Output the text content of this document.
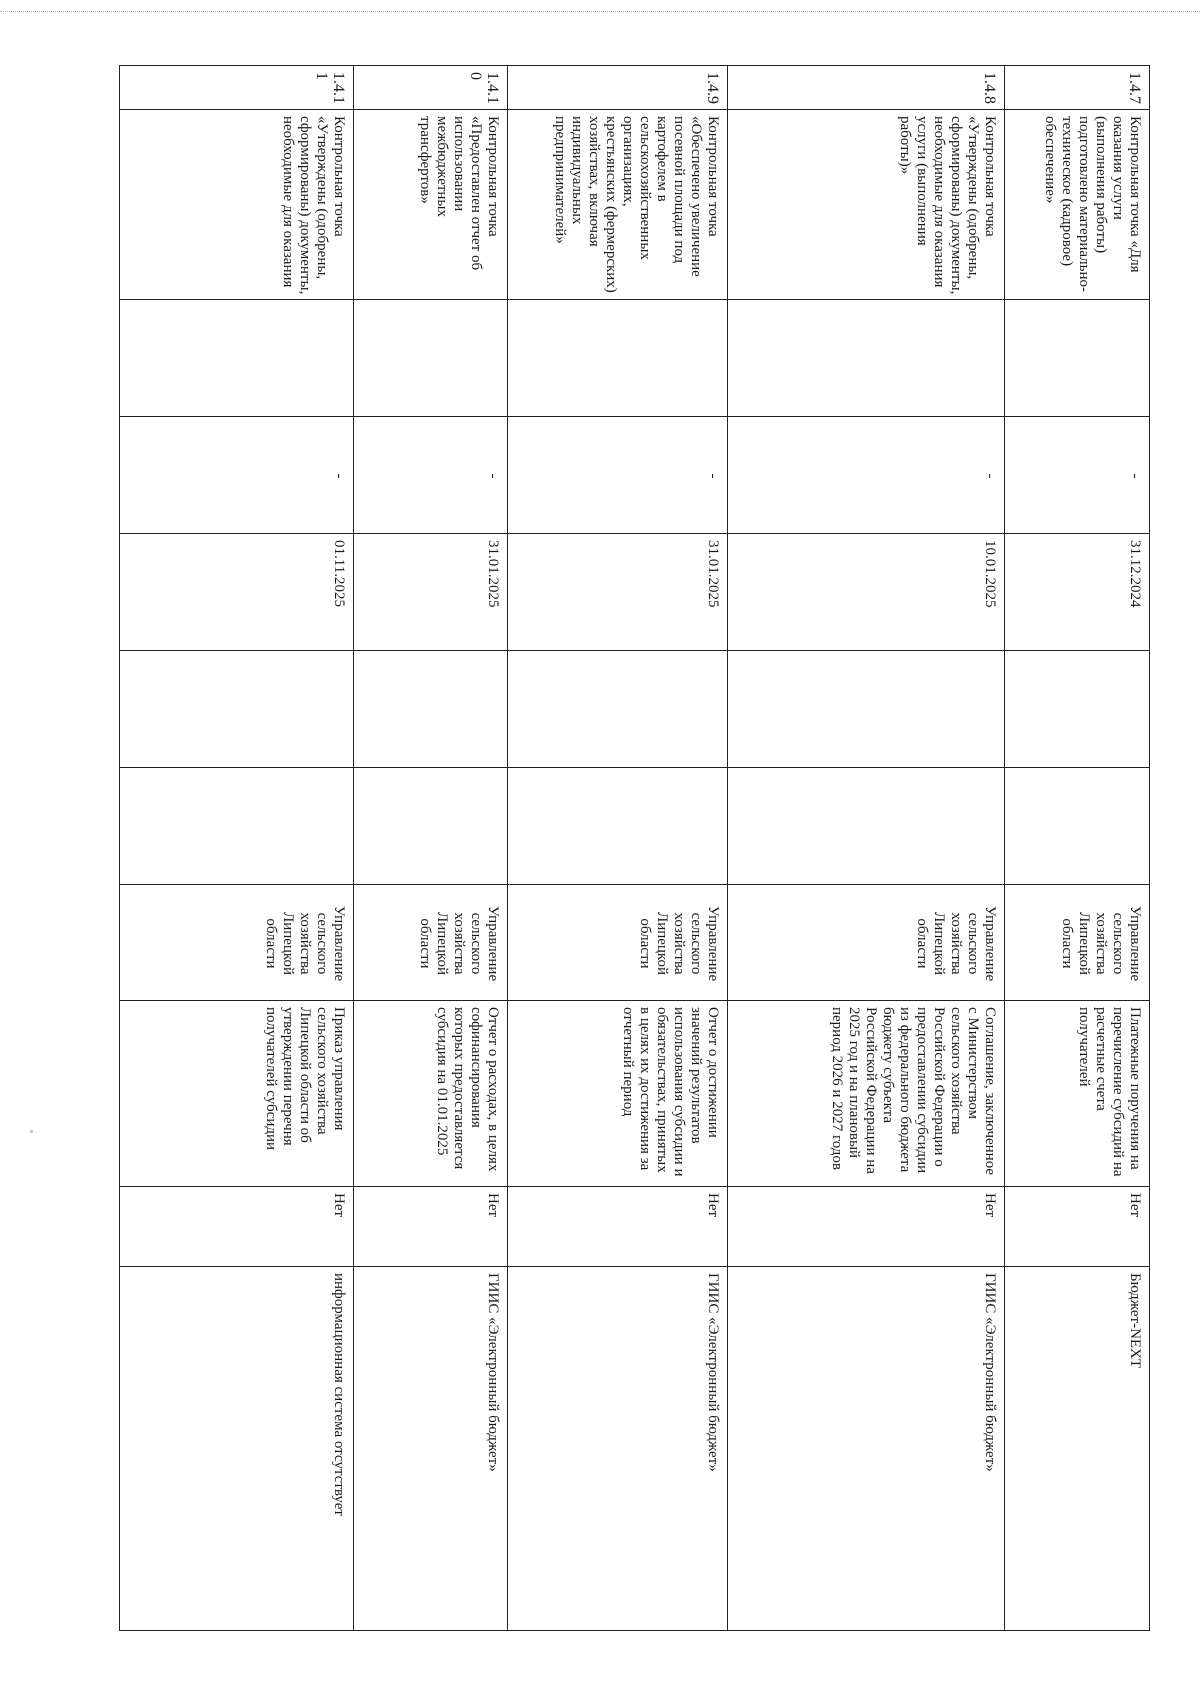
1.4.7	Контрольная точка «Для оказания услуги (выполнения работы) подготовлено материально-техническое (кадровое) обеспечение»		-	31.12.2024			Управление сельского хозяйства Липецкой области	Платежные поручения на перечисление субсидий на расчетные счета получателей	Нет	Бюджет-NEXT
1.4.8	Контрольная точка «Утверждены (одобрены, сформированы) документы, необходимые для оказания услуги (выполнения работы)»		-	10.01.2025			Управление сельского хозяйства Липецкой области	Соглашение, заключенное с Министерством сельского хозяйства Российской Федерации о предоставлении субсидии из федерального бюджета бюджету субъекта Российской Федерации на 2025 год и на плановый период 2026 и 2027 годов	Нет	ГИИС «Электронный бюджет»
1.4.9	Контрольная точка «Обеспечено увеличение посевной площади под картофелем в сельскохозяйственных организациях, крестьянских (фермерских) хозяйствах, включая индивидуальных предпринимателей»		-	31.01.2025			Управление сельского хозяйства Липецкой области	Отчет о достижении значений результатов использования субсидии и обязательствах, принятых в целях их достижения за отчетный период	Нет	ГИИС «Электронный бюджет»
1.4.10	Контрольная точка «Предоставлен отчет об использовании межбюджетных трансфертов»		-	31.01.2025			Управление сельского хозяйства Липецкой области	Отчет о расходах, в целях софинансирования которых предоставляется субсидия на 01.01.2025	Нет	ГИИС «Электронный бюджет»
1.4.11	Контрольная точка «Утверждены (одобрены, сформированы) документы, необходимые для оказания		-	01.11.2025			Управление сельского хозяйства Липецкой области	Приказ управления сельского хозяйства Липецкой области об утверждении перечня получателей субсидии	Нет	информационная система отсутствует
